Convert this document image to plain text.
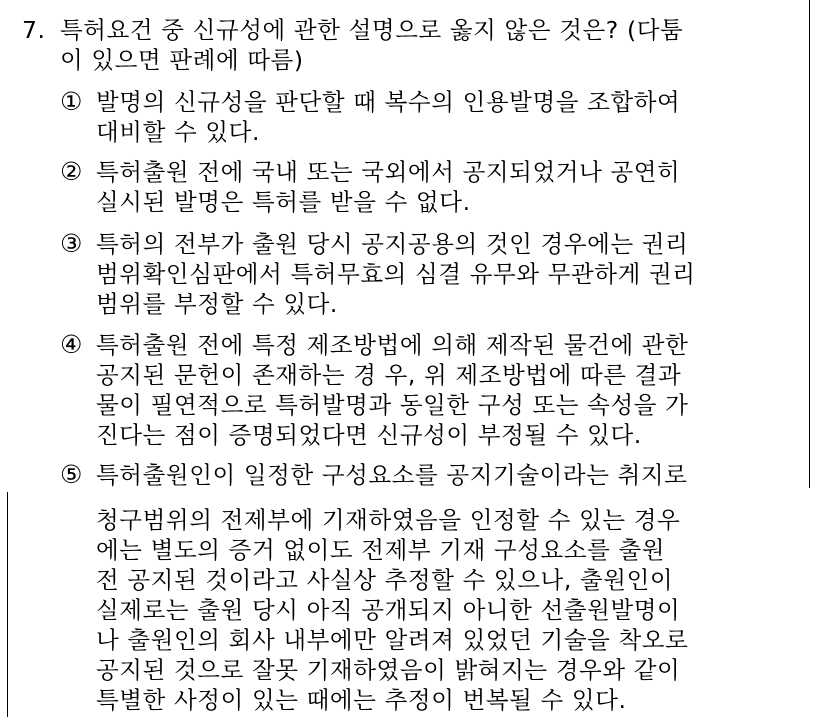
7. 특허요건 중 신규성에 관한 설명으로 옳지 않은 것은? (다툼
이 있으면 판례에 따름)
① 발명의 신규성을 판단할 때 복수의 인용발명을 조합하여
대비할 수 있다.
② 특허출원 전에 국내 또는 국외에서 공지되었거나 공연히
실시된 발명은 특허를 받을 수 없다.
③ 특허의 전부가 출원 당시 공지공용의 것인 경우에는 권리
범위확인심판에서 특허무효의 심결 유무와 무관하게 권리
범위를 부정할 수 있다.
④ 특허출원 전에 특정 제조방법에 의해 제작된 물건에 관한
공지된 문헌이 존재하는 경 우, 위 제조방법에 따른 결과
물이 필연적으로 특허발명과 동일한 구성 또는 속성을 가
진다는 점이 증명되었다면 신규성이 부정될 수 있다.
⑤ 특허출원인이 일정한 구성요소를 공지기술이라는 취지로
청구범위의 전제부에 기재하였음을 인정할 수 있는 경우
에는 별도의 증거 없이도 전제부 기재 구성요소를 출원
전 공지된 것이라고 사실상 추정할 수 있으나, 출원인이
실제로는 출원 당시 아직 공개되지 아니한 선출원발명이
나 출원인의 회사 내부에만 알려져 있었던 기술을 착오로
공지된 것으로 잘못 기재하였음이 밝혀지는 경우와 같이
특별한 사정이 있는 때에는 추정이 번복될 수 있다.
